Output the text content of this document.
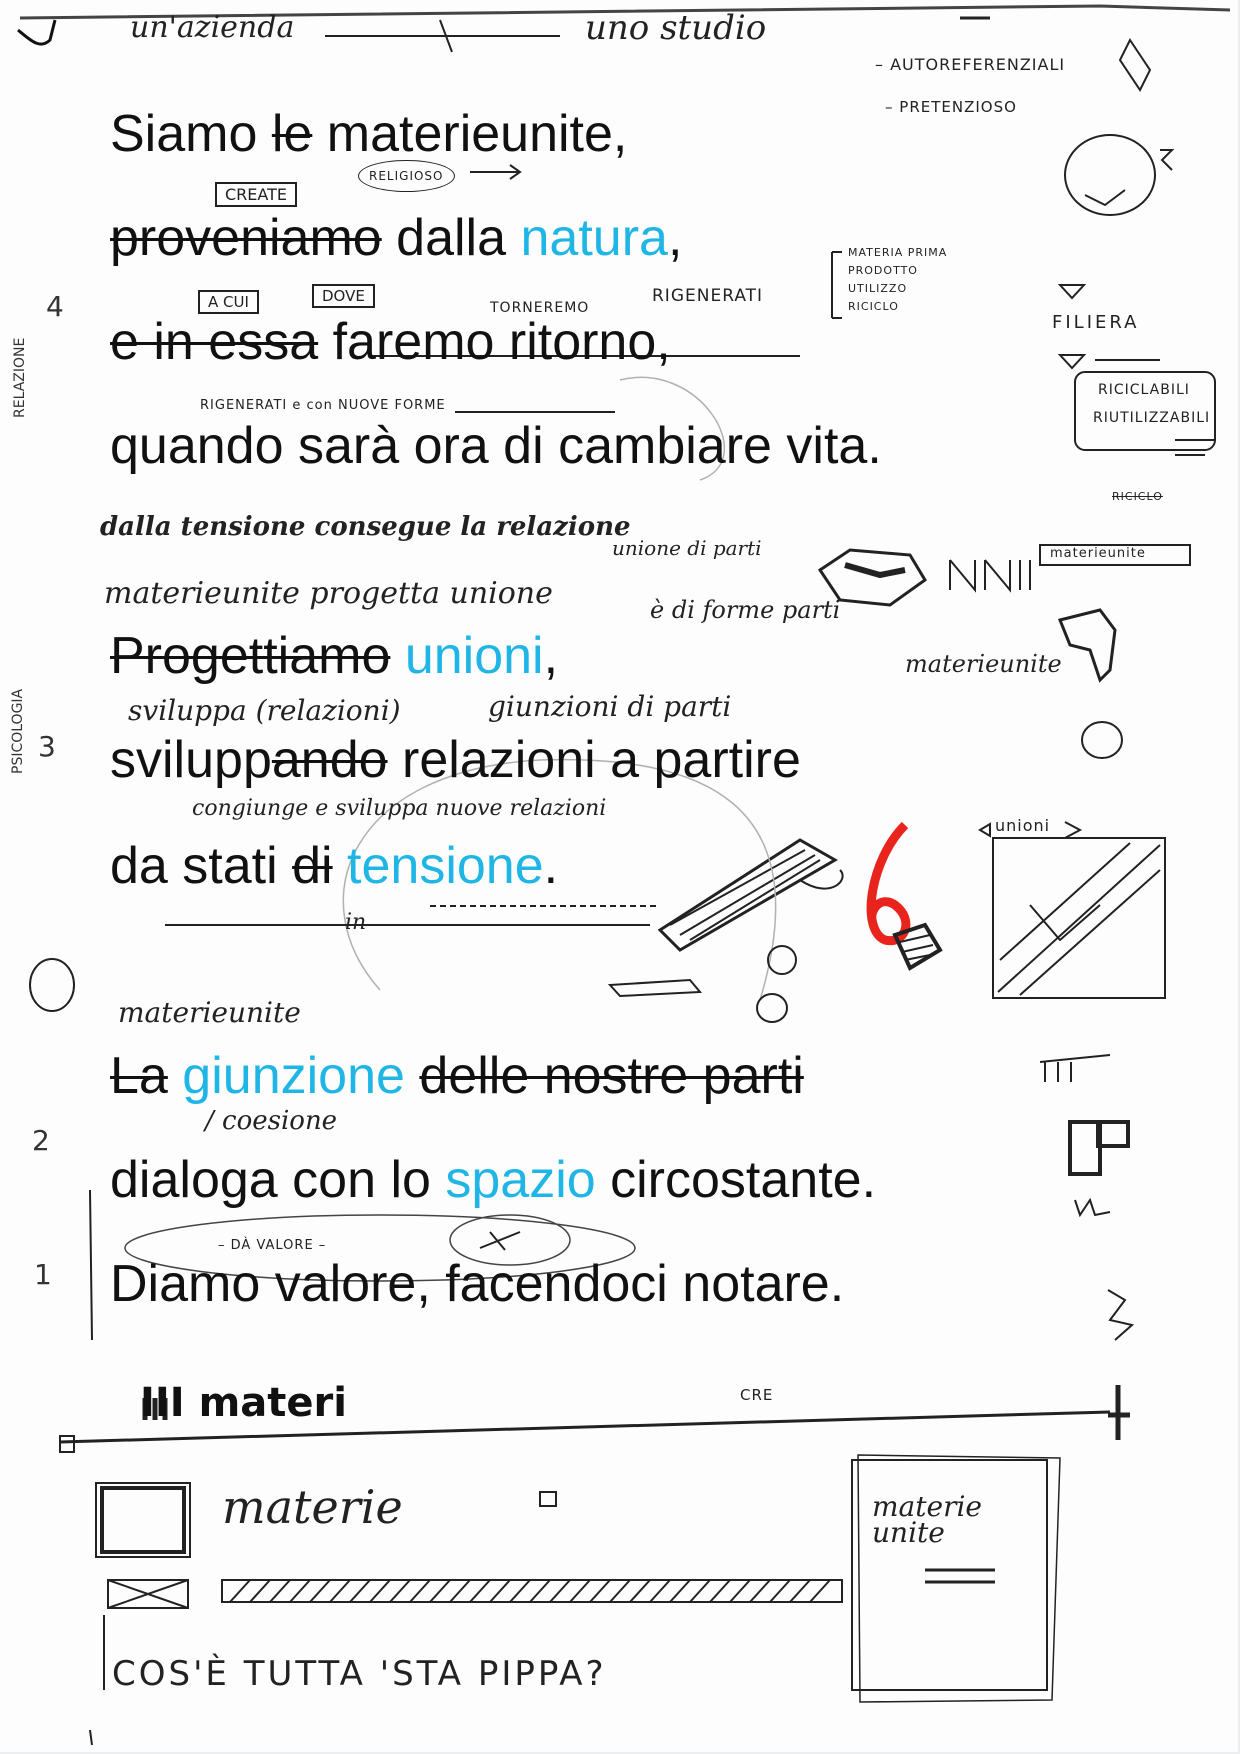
un'azienda	uno studio
Siamo le materieunite,
proveniamo dalla natura,
e in essa faremo ritorno,
quando sarà ora di cambiare vita.
Progettiamo unioni,
sviluppando relazioni a partire
da stati di tensione.
La giunzione delle nostre parti
dialoga con lo spazio circostante.
Diamo valore, facendoci notare.
– AUTOREFERENZIALI
– PRETENZIOSO
CREATE
RELIGIOSO
MATERIA PRIMA
PRODOTTO
UTILIZZO
RICICLO
A CUI	DOVE
TORNEREMO
RIGENERATI
FILIERA
RICICLABILI
RIUTILIZZABILI
RIGENERATI e con NUOVE FORME
RICICLO
dalla tensione consegue la relazione
unione di parti	materieunite
materieunite progetta unione	è di forme parti
materieunite
sviluppa (relazioni)	giunzioni di parti
congiunge e sviluppa nuove relazioni
in
unioni
materieunite
/ coesione
– DÀ VALORE –
III materi	CRE
materie	materie unite
COS'È TUTTA 'STA PIPPA?
4
3
2
1
RELAZIONE
PSICOLOGIA
